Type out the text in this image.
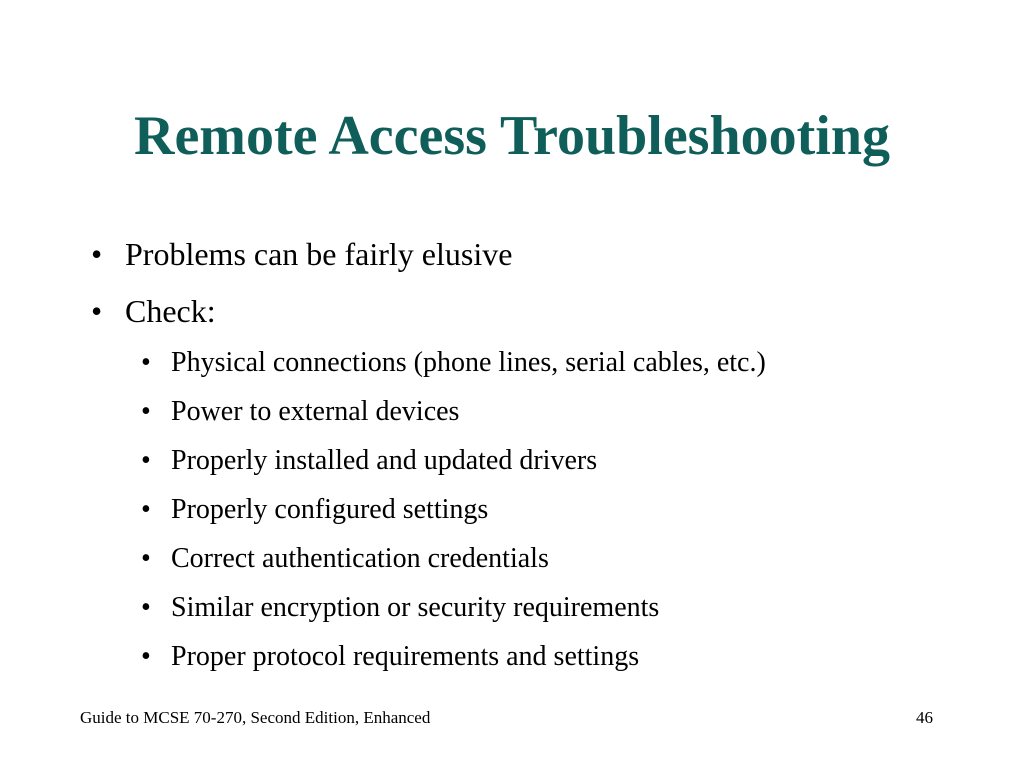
Remote Access Troubleshooting
• Problems can be fairly elusive
• Check:
• Physical connections (phone lines, serial cables, etc.)
• Power to external devices
• Properly installed and updated drivers
• Properly configured settings
• Correct authentication credentials
• Similar encryption or security requirements
• Proper protocol requirements and settings
Guide to MCSE 70-270, Second Edition, Enhanced	46
